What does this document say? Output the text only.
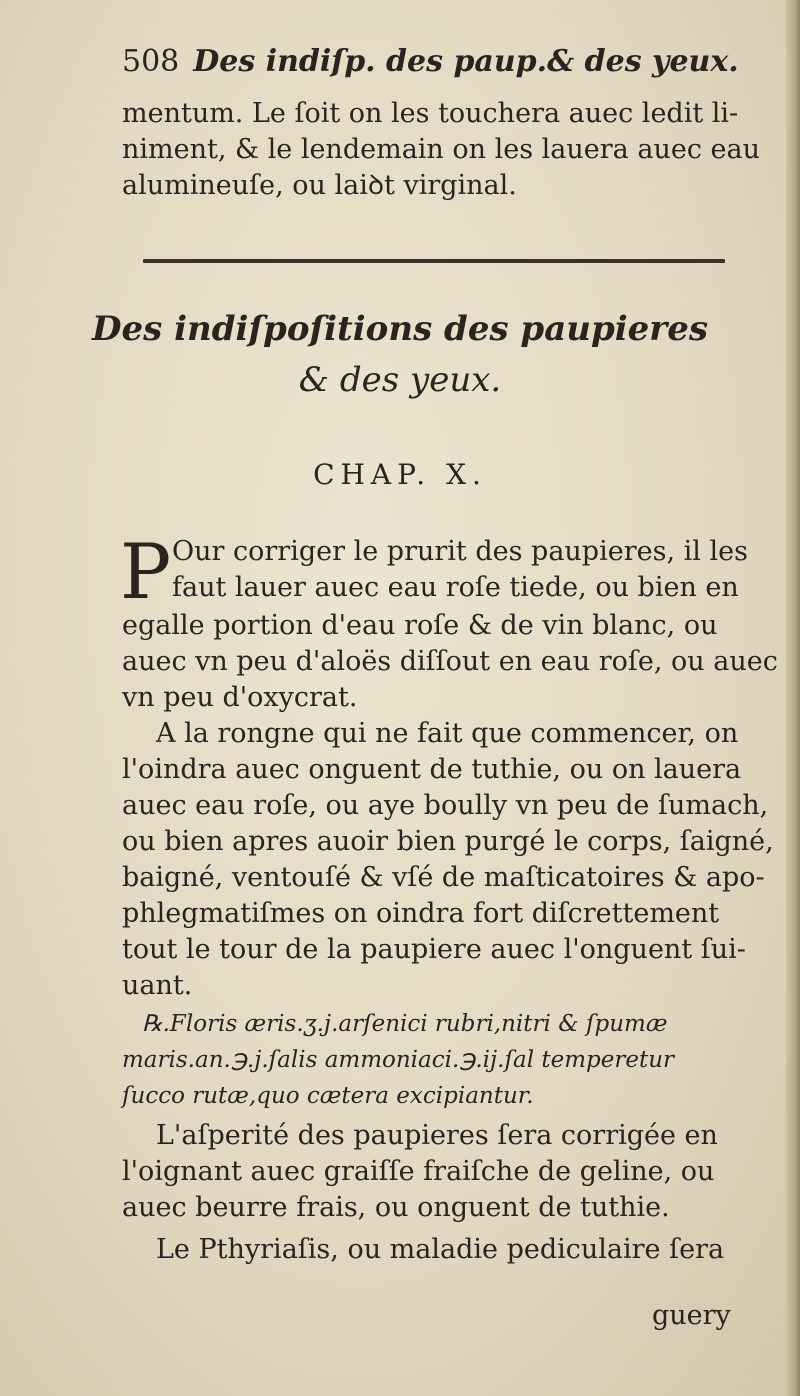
508 Des indiſp. des paup.& des yeux.
mentum. Le ſoit on les touchera auec ledit li-
niment, & le lendemain on les lauera auec eau
alumineuſe, ou laiꝺt virginal.
Des indiſpoſitions des paupieres
& des yeux.
CHAP. X.
P Our corriger le prurit des paupieres, il les
faut lauer auec eau roſe tiede, ou bien en
egalle portion d'eau roſe & de vin blanc, ou
auec vn peu d'aloës diſſout en eau roſe, ou auec
vn peu d'oxycrat.
A la rongne qui ne fait que commencer, on
l'oindra auec onguent de tuthie, ou on lauera
auec eau roſe, ou aye boully vn peu de ſumach,
ou bien apres auoir bien purgé le corps, ſaigné,
baigné, ventouſé & vſé de maſticatoires & apo-
phlegmatiſmes on oindra fort diſcrettement
tout le tour de la paupiere auec l'onguent ſui-
uant.
℞.Floris æris.ʒ.j.arſenici rubri,nitri & ſpumæ
maris.an.℈.j.ſalis ammoniaci.℈.ij.ſal temperetur
ſucco rutæ,quo cætera excipiantur.
L'aſperité des paupieres ſera corrigée en
l'oignant auec graiſſe fraiſche de geline, ou
auec beurre frais, ou onguent de tuthie.
Le Pthyriaſis, ou maladie pediculaire ſera
guery
